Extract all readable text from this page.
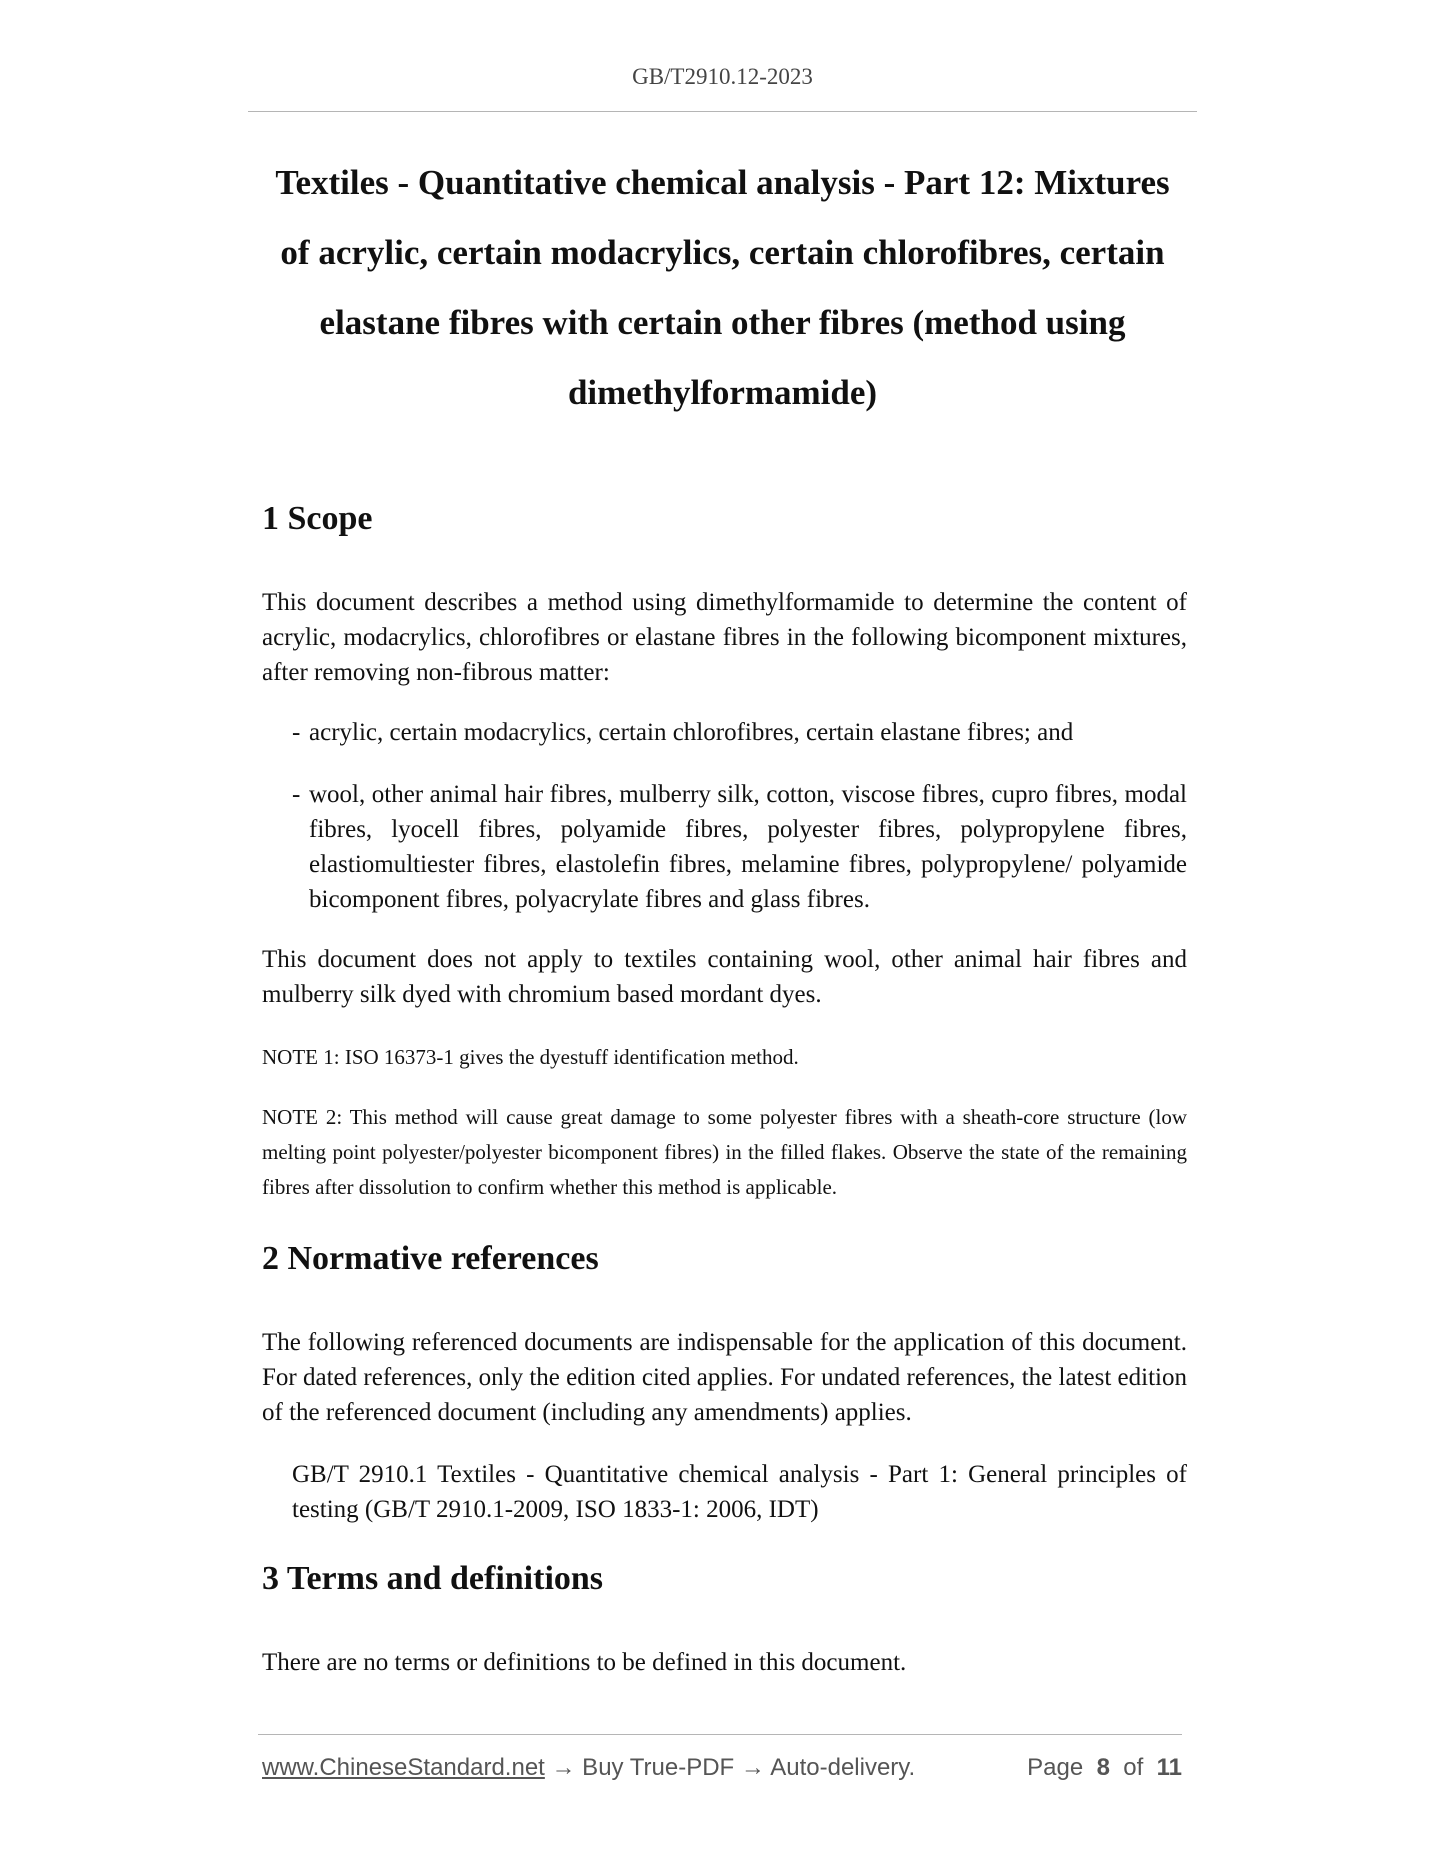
GB/T2910.12-2023
Textiles - Quantitative chemical analysis - Part 12: Mixtures
of acrylic, certain modacrylics, certain chlorofibres, certain
elastane fibres with certain other fibres (method using
dimethylformamide)
1 Scope

This document describes a method using dimethylformamide to determine the content of acrylic, modacrylics, chlorofibres or elastane fibres in the following bicomponent mixtures, after removing non-fibrous matter:

- acrylic, certain modacrylics, certain chlorofibres, certain elastane fibres; and
- wool, other animal hair fibres, mulberry silk, cotton, viscose fibres, cupro fibres, modal fibres, lyocell fibres, polyamide fibres, polyester fibres, polypropylene fibres, elastiomultiester fibres, elastolefin fibres, melamine fibres, polypropylene/ polyamide bicomponent fibres, polyacrylate fibres and glass fibres.

This document does not apply to textiles containing wool, other animal hair fibres and mulberry silk dyed with chromium based mordant dyes.

NOTE 1: ISO 16373-1 gives the dyestuff identification method.

NOTE 2: This method will cause great damage to some polyester fibres with a sheath-core structure (low melting point polyester/polyester bicomponent fibres) in the filled flakes. Observe the state of the remaining fibres after dissolution to confirm whether this method is applicable.

2 Normative references

The following referenced documents are indispensable for the application of this document. For dated references, only the edition cited applies. For undated references, the latest edition of the referenced document (including any amendments) applies.

GB/T 2910.1 Textiles - Quantitative chemical analysis - Part 1: General principles of testing (GB/T 2910.1-2009, ISO 1833-1: 2006, IDT)
3 Terms and definitions

There are no terms or definitions to be defined in this document.

www.ChineseStandard.net → Buy True-PDF → Auto-delivery.	Page 8 of 11
